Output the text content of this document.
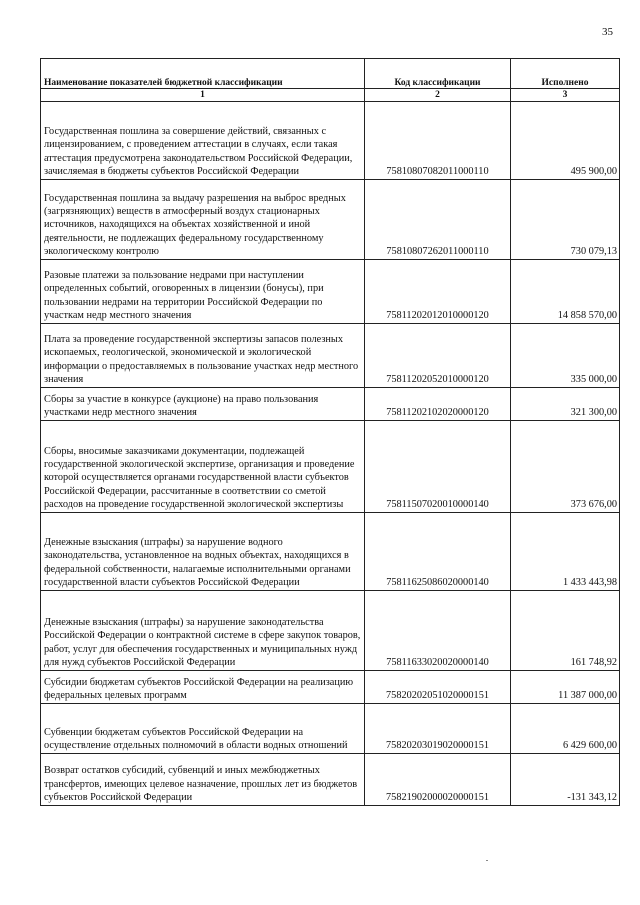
35
Наименование показателей бюджетной классификации	Код классификации	Исполнено
1	2	3
Государственная пошлина за совершение действий, связанных с лицензированием, с проведением аттестации в случаях, если такая аттестация предусмотрена законодательством Российской Федерации, зачисляемая в бюджеты субъектов Российской Федерации	75810807082011000110	495 900,00
Государственная пошлина за выдачу разрешения на выброс вредных (загрязняющих) веществ в атмосферный воздух стационарных источников, находящихся на объектах хозяйственной и иной деятельности, не подлежащих федеральному государственному экологическому контролю	75810807262011000110	730 079,13
Разовые платежи за пользование недрами при наступлении определенных событий, оговоренных в лицензии (бонусы), при пользовании недрами на территории Российской Федерации по участкам недр местного значения	75811202012010000120	14 858 570,00
Плата за проведение государственной экспертизы запасов полезных ископаемых, геологической, экономической и экологической информации о предоставляемых в пользование участках недр местного значения	75811202052010000120	335 000,00
Сборы за участие в конкурсе (аукционе) на право пользования участками недр местного значения	75811202102020000120	321 300,00
Сборы, вносимые заказчиками документации, подлежащей государственной экологической экспертизе, организация и проведение которой осуществляется органами государственной власти субъектов Российской Федерации, рассчитанные в соответствии со сметой расходов на проведение государственной экологической экспертизы	75811507020010000140	373 676,00
Денежные взыскания (штрафы) за нарушение водного законодательства, установленное на водных объектах, находящихся в федеральной собственности, налагаемые исполнительными органами государственной власти субъектов Российской Федерации	75811625086020000140	1 433 443,98
Денежные взыскания (штрафы) за нарушение законодательства Российской Федерации о контрактной системе в сфере закупок товаров, работ, услуг для обеспечения государственных и муниципальных нужд для нужд субъектов Российской Федерации	75811633020020000140	161 748,92
Субсидии бюджетам субъектов Российской Федерации на реализацию федеральных целевых программ	75820202051020000151	11 387 000,00
Субвенции бюджетам субъектов Российской Федерации на осуществление отдельных полномочий в области водных отношений	75820203019020000151	6 429 600,00
Возврат остатков субсидий, субвенций и иных межбюджетных трансфертов, имеющих целевое назначение, прошлых лет из бюджетов субъектов Российской Федерации	75821902000020000151	-131 343,12
